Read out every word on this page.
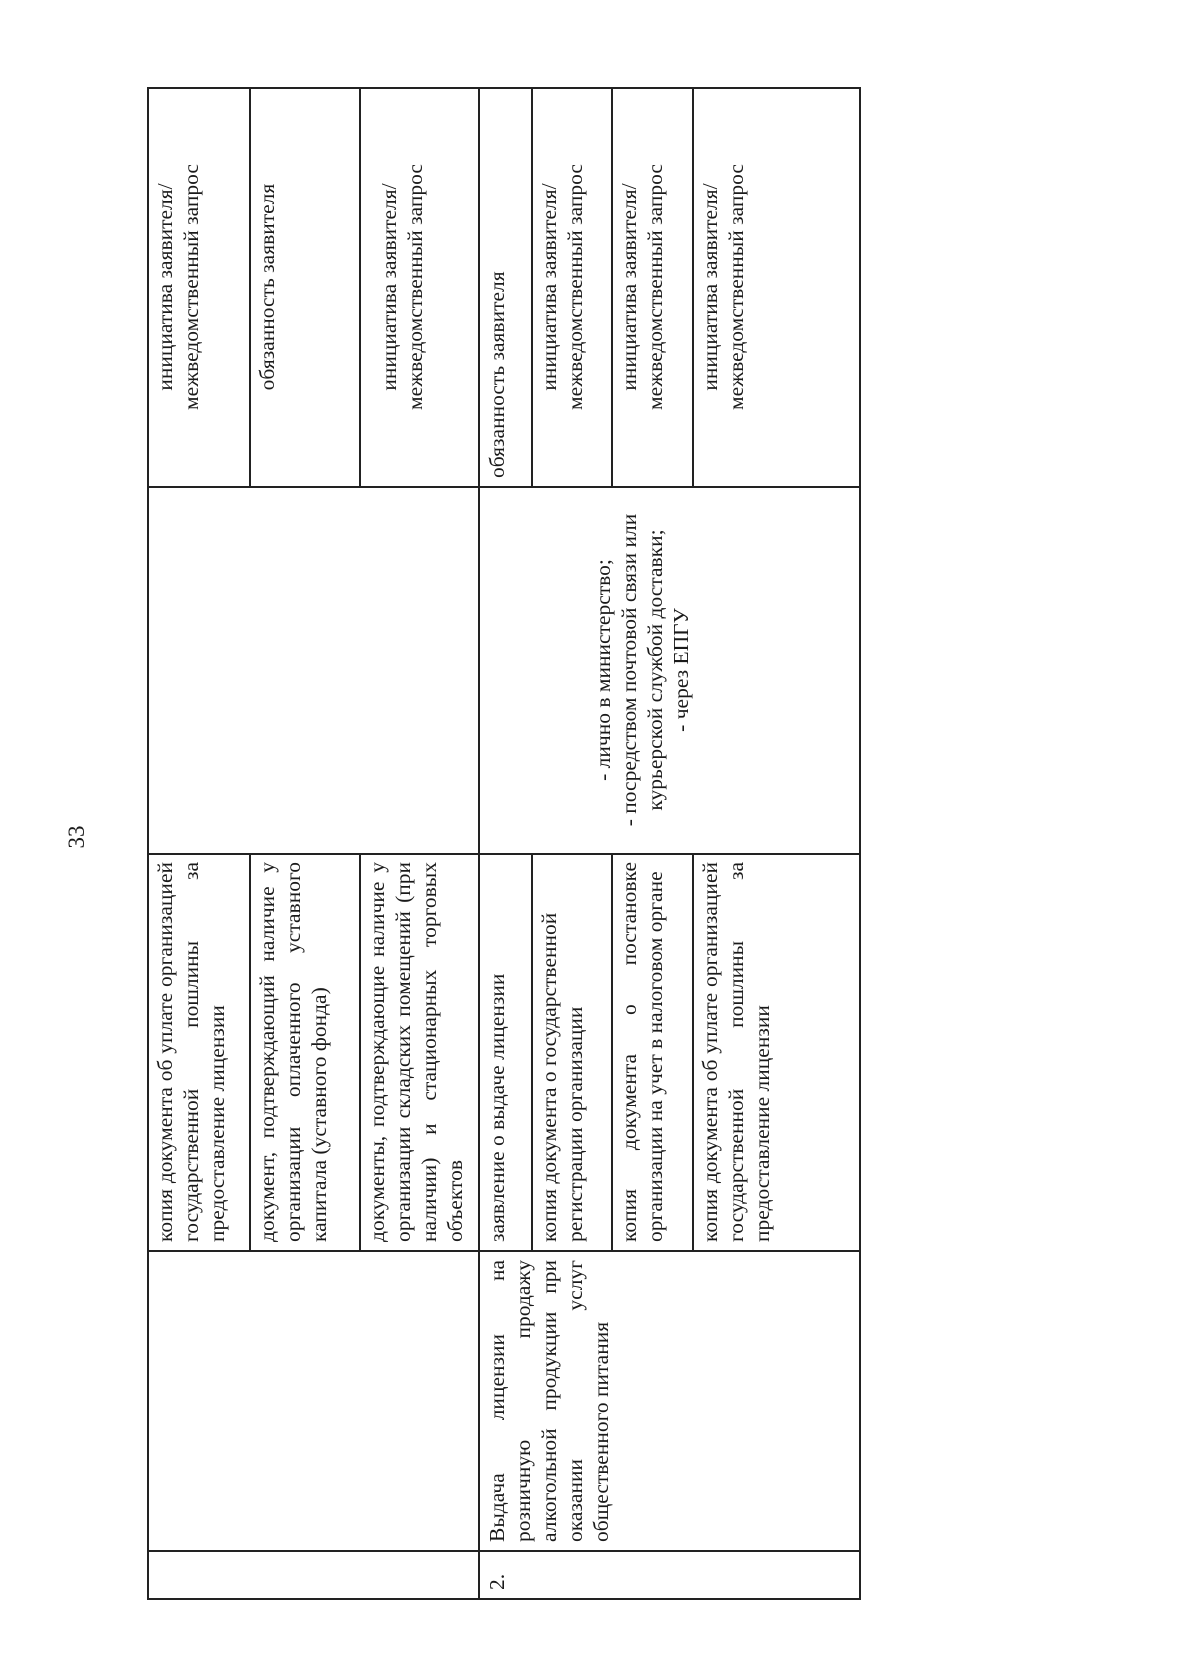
33
копия документа об уплате организацией государственной пошлины за предоставление лицензии
инициатива заявителя/межведомственный запрос
документ, подтверждающий наличие у организации оплаченного уставного капитала (уставного фонда)
обязанность заявителя
документы, подтверждающие наличие у организации складских помещений (при наличии) и стационарных торговых объектов
инициатива заявителя/межведомственный запрос
2.
Выдача лицензии на розничную продажу алкогольной продукции при оказании услуг общественного питания
- лично в министерство;
- посредством почтовой связи или курьерской службой доставки;
- через ЕПГУ
заявление о выдаче лицензии
обязанность заявителя
копия документа о государственной регистрации организации
инициатива заявителя/межведомственный запрос
копия документа о постановке организации на учет в налоговом органе
инициатива заявителя/межведомственный запрос
копия документа об уплате организацией государственной пошлины за предоставление лицензии
инициатива заявителя/межведомственный запрос
